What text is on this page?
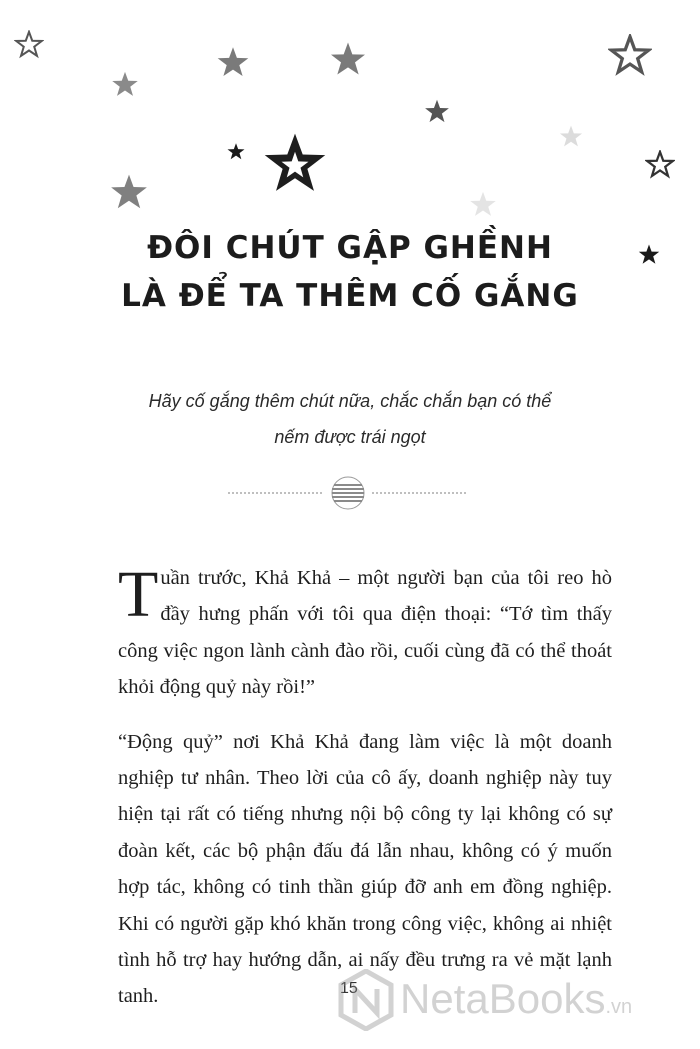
ĐÔI CHÚT GẬP GHỀNH
LÀ ĐỂ TA THÊM CỐ GẮNG
Hãy cố gắng thêm chút nữa, chắc chắn bạn có thể
nếm được trái ngọt

Tuần trước, Khả Khả – một người bạn của tôi reo hò đầy hưng phấn với tôi qua điện thoại: “Tớ tìm thấy công việc ngon lành cành đào rồi, cuối cùng đã có thể thoát khỏi động quỷ này rồi!”

“Động quỷ” nơi Khả Khả đang làm việc là một doanh nghiệp tư nhân. Theo lời của cô ấy, doanh nghiệp này tuy hiện tại rất có tiếng nhưng nội bộ công ty lại không có sự đoàn kết, các bộ phận đấu đá lẫn nhau, không có ý muốn hợp tác, không có tinh thần giúp đỡ anh em đồng nghiệp. Khi có người gặp khó khăn trong công việc, không ai nhiệt tình hỗ trợ hay hướng dẫn, ai nấy đều trưng ra vẻ mặt lạnh tanh.	15	NetaBooks.vn
